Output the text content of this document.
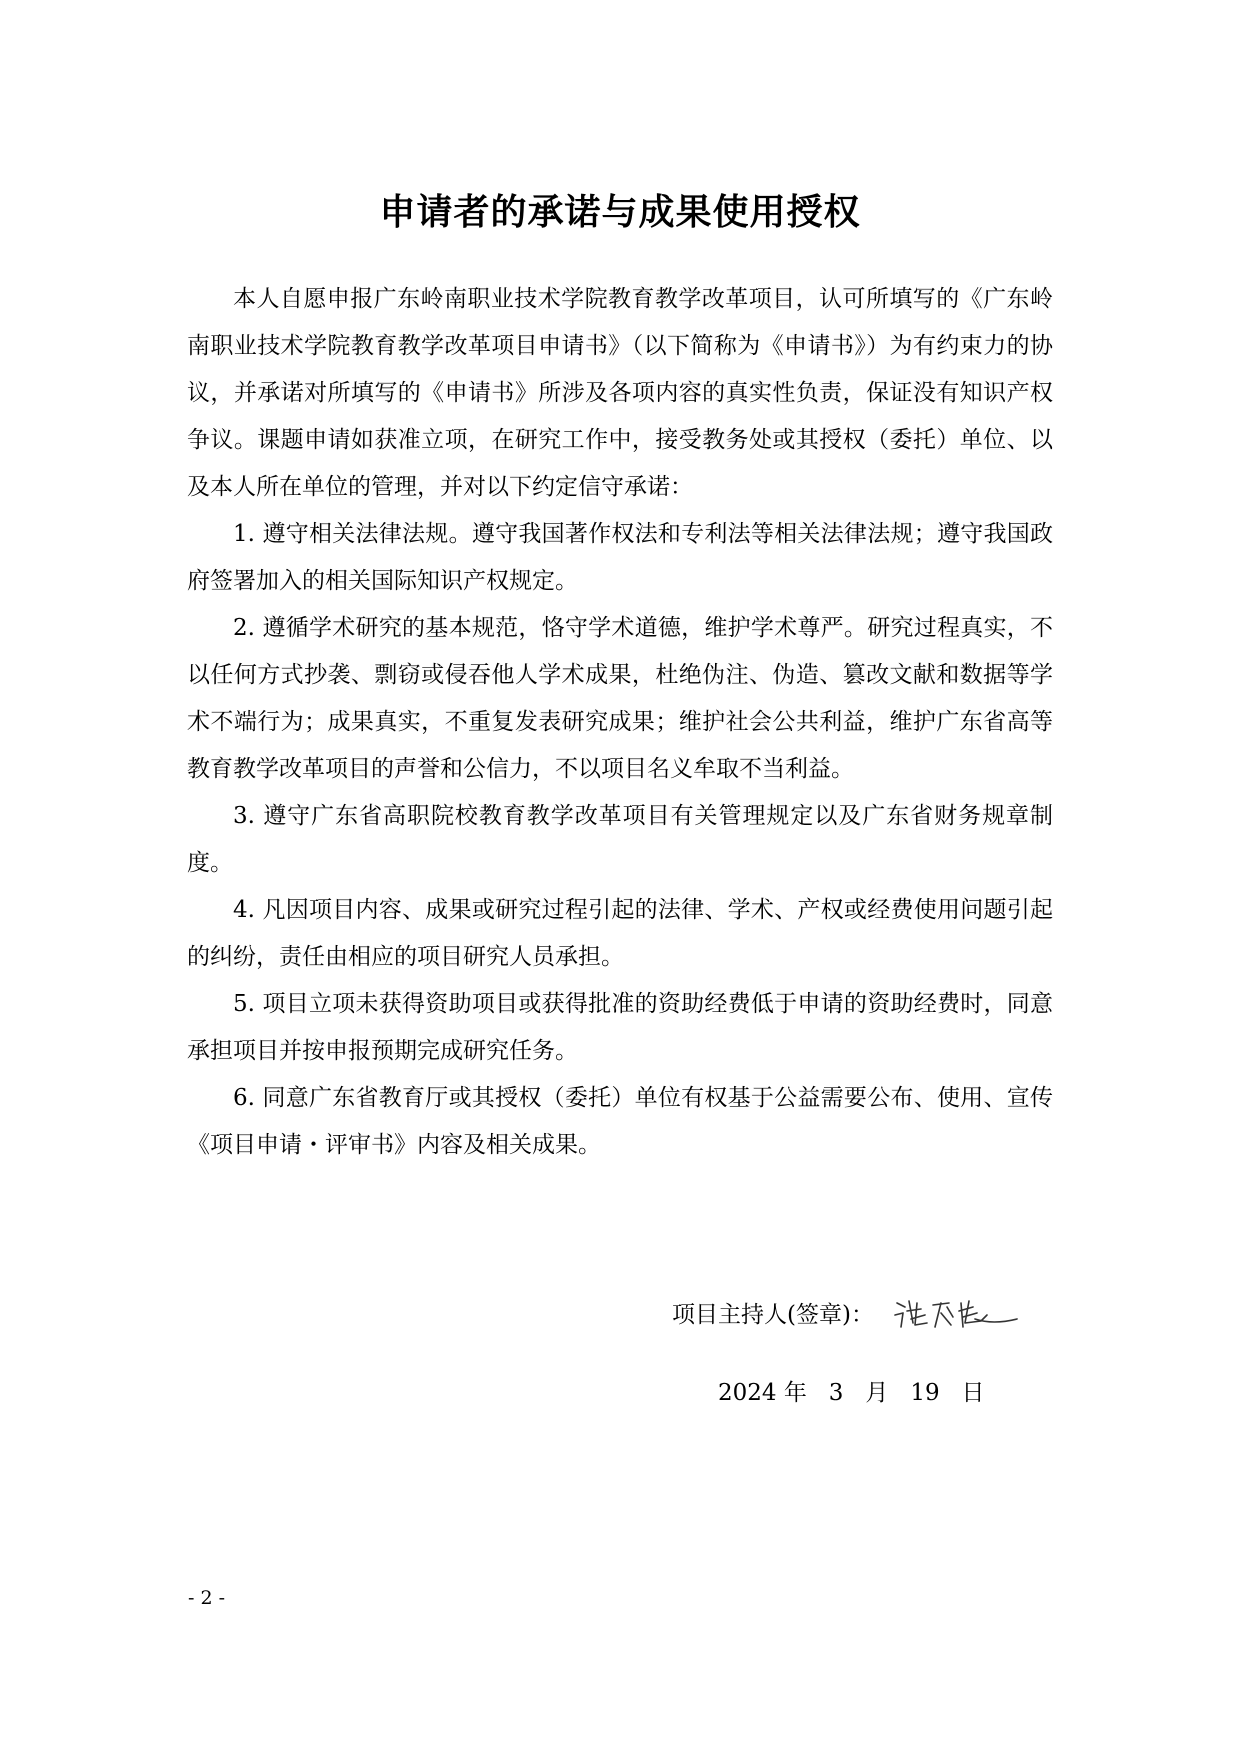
申请者的承诺与成果使用授权

本人自愿申报广东岭南职业技术学院教育教学改革项目，认可所填写的《广东岭南职业技术学院教育教学改革项目申请书》（以下简称为《申请书》）为有约束力的协议，并承诺对所填写的《申请书》所涉及各项内容的真实性负责，保证没有知识产权争议。课题申请如获准立项，在研究工作中，接受教务处或其授权（委托）单位、以及本人所在单位的管理，并对以下约定信守承诺：

1. 遵守相关法律法规。遵守我国著作权法和专利法等相关法律法规；遵守我国政府签署加入的相关国际知识产权规定。

2. 遵循学术研究的基本规范，恪守学术道德，维护学术尊严。研究过程真实，不以任何方式抄袭、剽窃或侵吞他人学术成果，杜绝伪注、伪造、篡改文献和数据等学术不端行为；成果真实，不重复发表研究成果；维护社会公共利益，维护广东省高等教育教学改革项目的声誉和公信力，不以项目名义牟取不当利益。

3. 遵守广东省高职院校教育教学改革项目有关管理规定以及广东省财务规章制度。

4. 凡因项目内容、成果或研究过程引起的法律、学术、产权或经费使用问题引起的纠纷，责任由相应的项目研究人员承担。

5. 项目立项未获得资助项目或获得批准的资助经费低于申请的资助经费时，同意承担项目并按申报预期完成研究任务。

6. 同意广东省教育厅或其授权（委托）单位有权基于公益需要公布、使用、宣传《项目申请・评审书》内容及相关成果。

项目主持人(签章)：
2024 年 3 月 19 日
- 2 -
